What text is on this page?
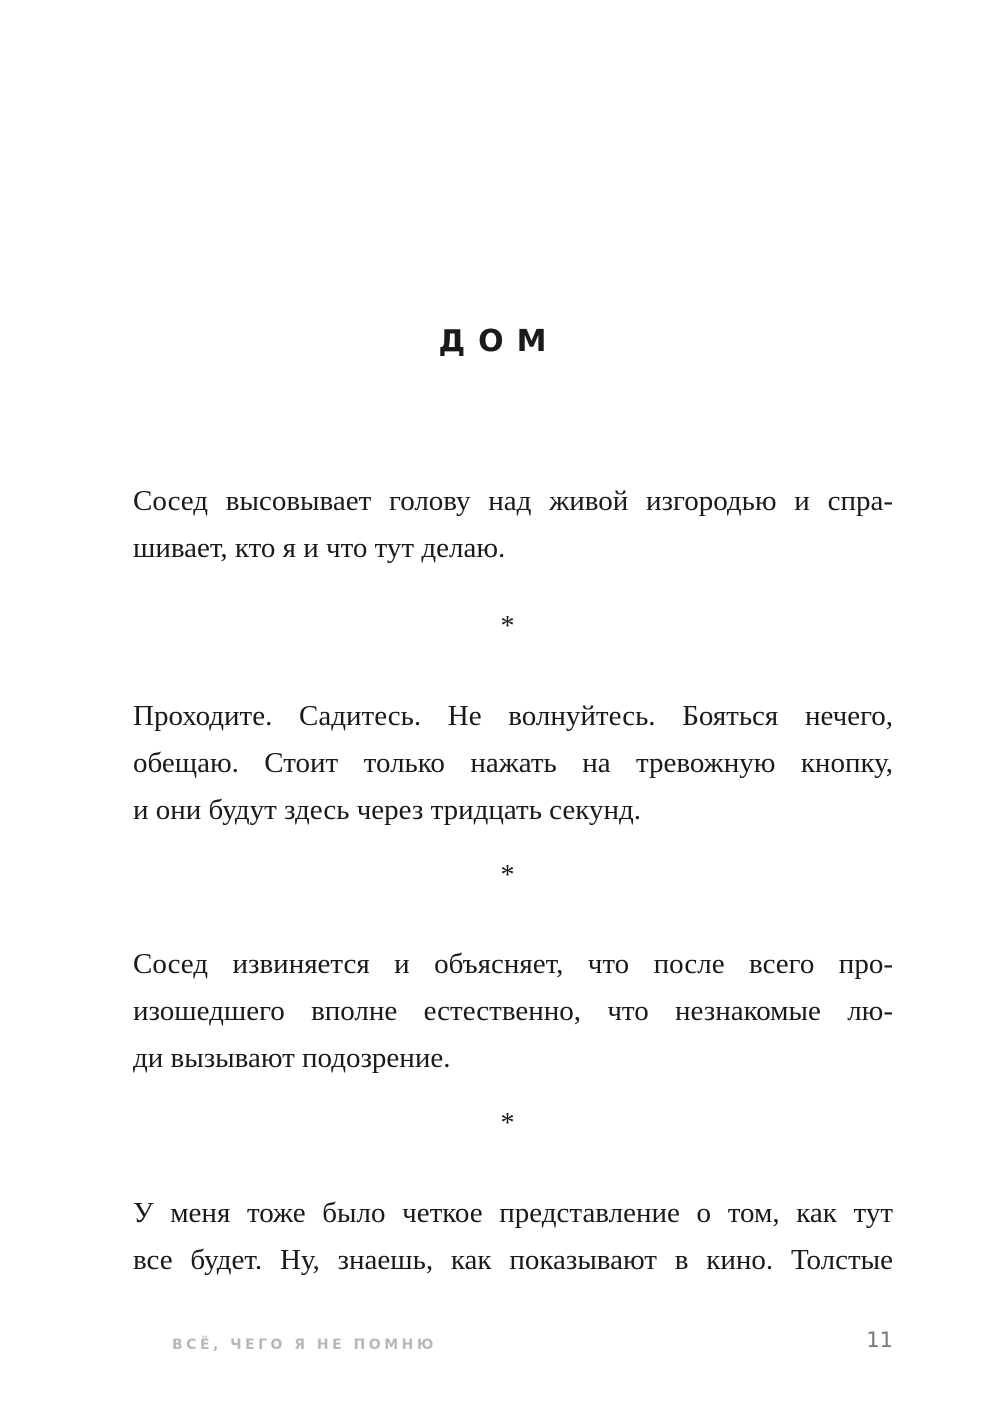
ДОМ
Сосед высовывает голову над живой изгородью и спра-
шивает, кто я и что тут делаю.
*
Проходите. Садитесь. Не волнуйтесь. Бояться нечего,
обещаю. Стоит только нажать на тревожную кнопку,
и они будут здесь через тридцать секунд.
*
Сосед извиняется и объясняет, что после всего про-
изошедшего вполне естественно, что незнакомые лю-
ди вызывают подозрение.
*
У меня тоже было четкое представление о том, как тут
все будет. Ну, знаешь, как показывают в кино. Толстые
ВСЁ, ЧЕГО Я НЕ ПОМНЮ	11
